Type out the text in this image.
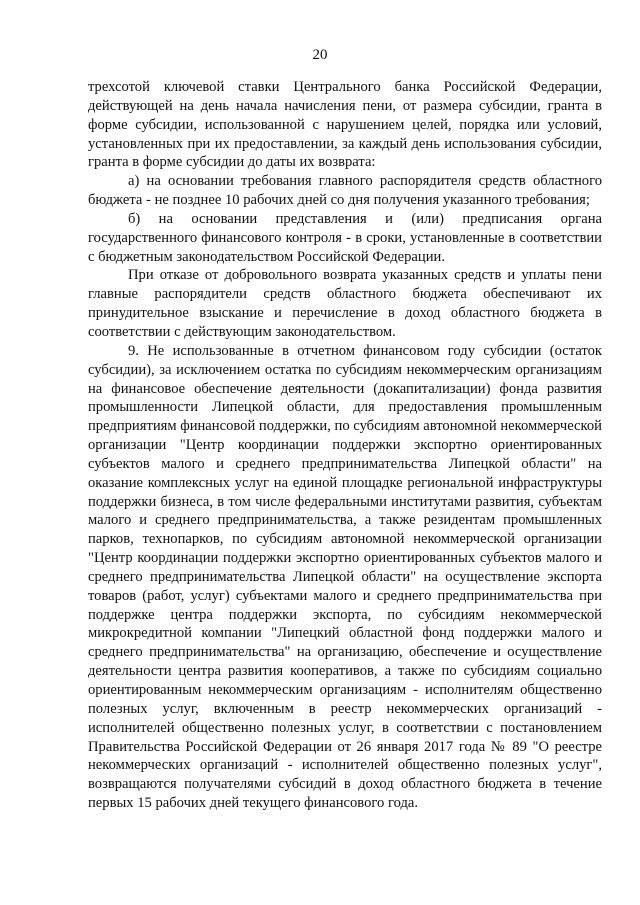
20

трехсотой ключевой ставки Центрального банка Российской Федерации, действующей на день начала начисления пени, от размера субсидии, гранта в форме субсидии, использованной с нарушением целей, порядка или условий, установленных при их предоставлении, за каждый день использования субсидии, гранта в форме субсидии до даты их возврата:

а) на основании требования главного распорядителя средств областного бюджета - не позднее 10 рабочих дней со дня получения указанного требования;

б) на основании представления и (или) предписания органа государственного финансового контроля - в сроки, установленные в соответствии с бюджетным законодательством Российской Федерации.

При отказе от добровольного возврата указанных средств и уплаты пени главные распорядители средств областного бюджета обеспечивают их принудительное взыскание и перечисление в доход областного бюджета в соответствии с действующим законодательством.

9. Не использованные в отчетном финансовом году субсидии (остаток субсидии), за исключением остатка по субсидиям некоммерческим организациям на финансовое обеспечение деятельности (докапитализации) фонда развития промышленности Липецкой области, для предоставления промышленным предприятиям финансовой поддержки, по субсидиям автономной некоммерческой организации "Центр координации поддержки экспортно ориентированных субъектов малого и среднего предпринимательства Липецкой области" на оказание комплексных услуг на единой площадке региональной инфраструктуры поддержки бизнеса, в том числе федеральными институтами развития, субъектам малого и среднего предпринимательства, а также резидентам промышленных парков, технопарков, по субсидиям автономной некоммерческой организации "Центр координации поддержки экспортно ориентированных субъектов малого и среднего предпринимательства Липецкой области" на осуществление экспорта товаров (работ, услуг) субъектами малого и среднего предпринимательства при поддержке центра поддержки экспорта, по субсидиям некоммерческой микрокредитной компании "Липецкий областной фонд поддержки малого и среднего предпринимательства" на организацию, обеспечение и осуществление деятельности центра развития кооперативов, а также по субсидиям социально ориентированным некоммерческим организациям - исполнителям общественно полезных услуг, включенным в реестр некоммерческих организаций - исполнителей общественно полезных услуг, в соответствии с постановлением Правительства Российской Федерации от 26 января 2017 года № 89 "О реестре некоммерческих организаций - исполнителей общественно полезных услуг", возвращаются получателями субсидий в доход областного бюджета в течение первых 15 рабочих дней текущего финансового года.
